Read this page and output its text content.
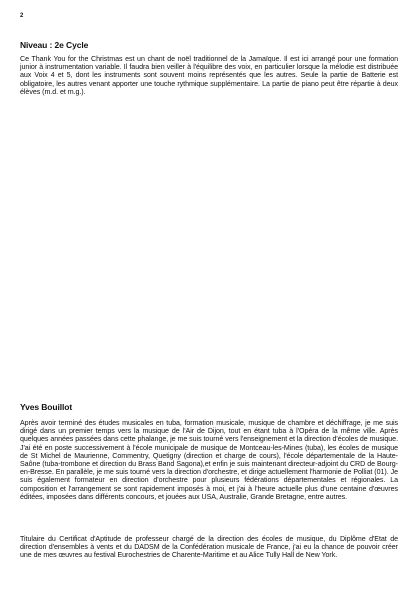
2
Niveau : 2e Cycle

Ce Thank You for the Christmas est un chant de noël traditionnel de la Jamaïque. Il est ici arrangé pour une formation junior à instrumentation variable. Il faudra bien veiller à l'équilibre des voix, en particulier lorsque la mélodie est distribuée aux Voix 4 et 5, dont les instruments sont souvent moins représentés que les autres. Seule la partie de Batterie est obligatoire, les autres venant apporter une touche rythmique supplémentaire. La partie de piano peut être répartie à deux élèves (m.d. et m.g.).

Yves Bouillot

Après avoir terminé des études musicales en tuba, formation musicale, musique de chambre et déchiffrage, je me suis dirigé dans un premier temps vers la musique de l'Air de Dijon, tout en étant tuba à l'Opéra de la même ville. Après quelques années passées dans cette phalange, je me suis tourné vers l'enseignement et la direction d'écoles de musique. J'ai été en poste successivement à l'école municipale de musique de Montceau-les-Mines (tuba), les écoles de musique de St Michel de Maurienne, Commentry, Quetigny (direction et charge de cours), l'école départementale de la Haute-Saône (tuba-trombone et direction du Brass Band Sagona),et enfin je suis maintenant directeur-adjoint du CRD de Bourg-en-Bresse. En parallèle, je me suis tourné vers la direction d'orchestre, et dirige actuellement l'harmonie de Polliat (01). Je suis également formateur en direction d'orchestre pour plusieurs fédérations départementales et régionales. La composition et l'arrangement se sont rapidement imposés à moi, et j'ai à l'heure actuelle plus d'une centaine d'œuvres éditées, imposées dans différents concours, et jouées aux USA, Australie, Grande Bretagne, entre autres.

Titulaire du Certificat d'Aptitude de professeur chargé de la direction des écoles de musique, du Diplôme d'Etat de direction d'ensembles à vents et du DADSM de la Confédération musicale de France, j'ai eu la chance de pouvoir créer une de mes œuvres au festival Eurochestries de Charente-Maritime et au Alice Tully Hall de New York.
